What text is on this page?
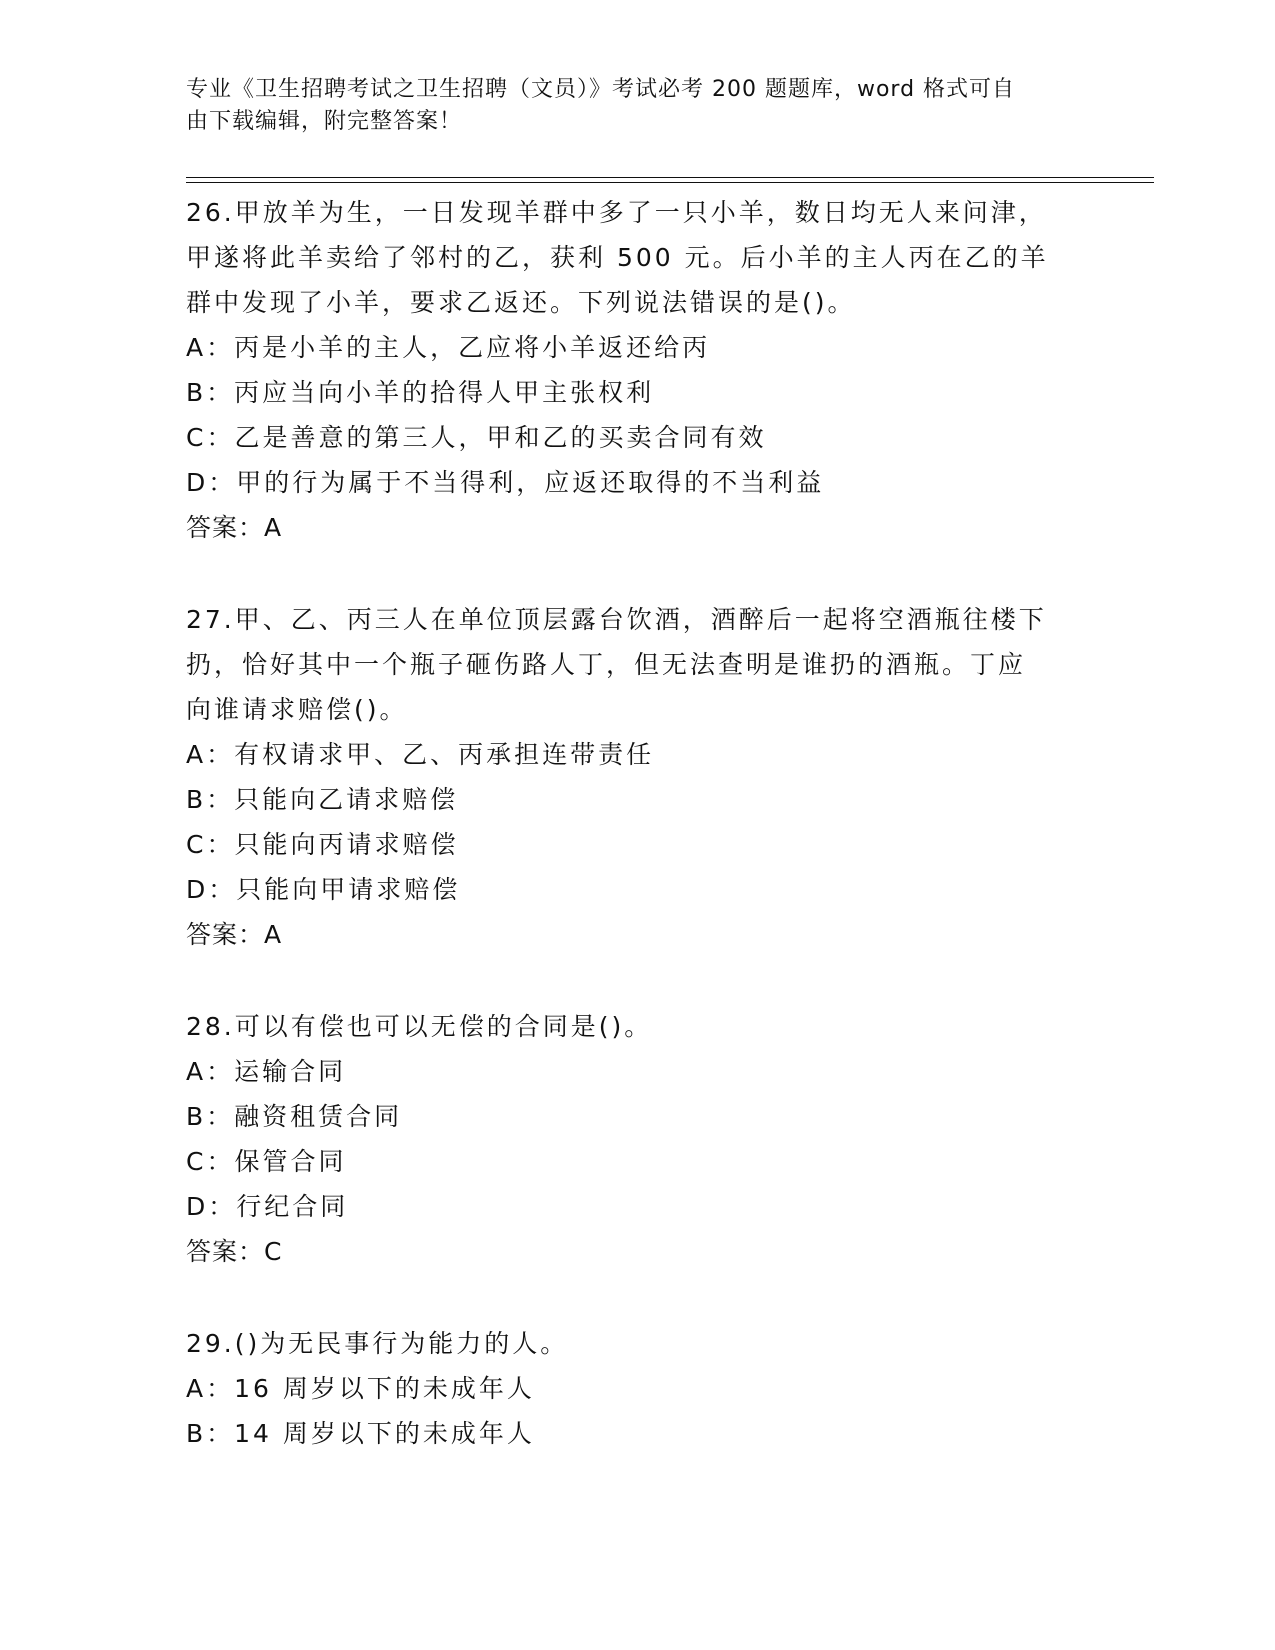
专业《卫生招聘考试之卫生招聘（文员）》考试必考 200 题题库，word 格式可自
由下载编辑，附完整答案！
26.甲放羊为生，一日发现羊群中多了一只小羊，数日均无人来问津，
甲遂将此羊卖给了邻村的乙，获利 500 元。后小羊的主人丙在乙的羊
群中发现了小羊，要求乙返还。下列说法错误的是()。
A：丙是小羊的主人，乙应将小羊返还给丙
B：丙应当向小羊的拾得人甲主张权利
C：乙是善意的第三人，甲和乙的买卖合同有效
D：甲的行为属于不当得利，应返还取得的不当利益
答案：A
27.甲、乙、丙三人在单位顶层露台饮酒，酒醉后一起将空酒瓶往楼下
扔，恰好其中一个瓶子砸伤路人丁，但无法查明是谁扔的酒瓶。丁应
向谁请求赔偿()。
A：有权请求甲、乙、丙承担连带责任
B：只能向乙请求赔偿
C：只能向丙请求赔偿
D：只能向甲请求赔偿
答案：A
28.可以有偿也可以无偿的合同是()。
A：运输合同
B：融资租赁合同
C：保管合同
D：行纪合同
答案：C
29.()为无民事行为能力的人。
A：16 周岁以下的未成年人
B：14 周岁以下的未成年人
